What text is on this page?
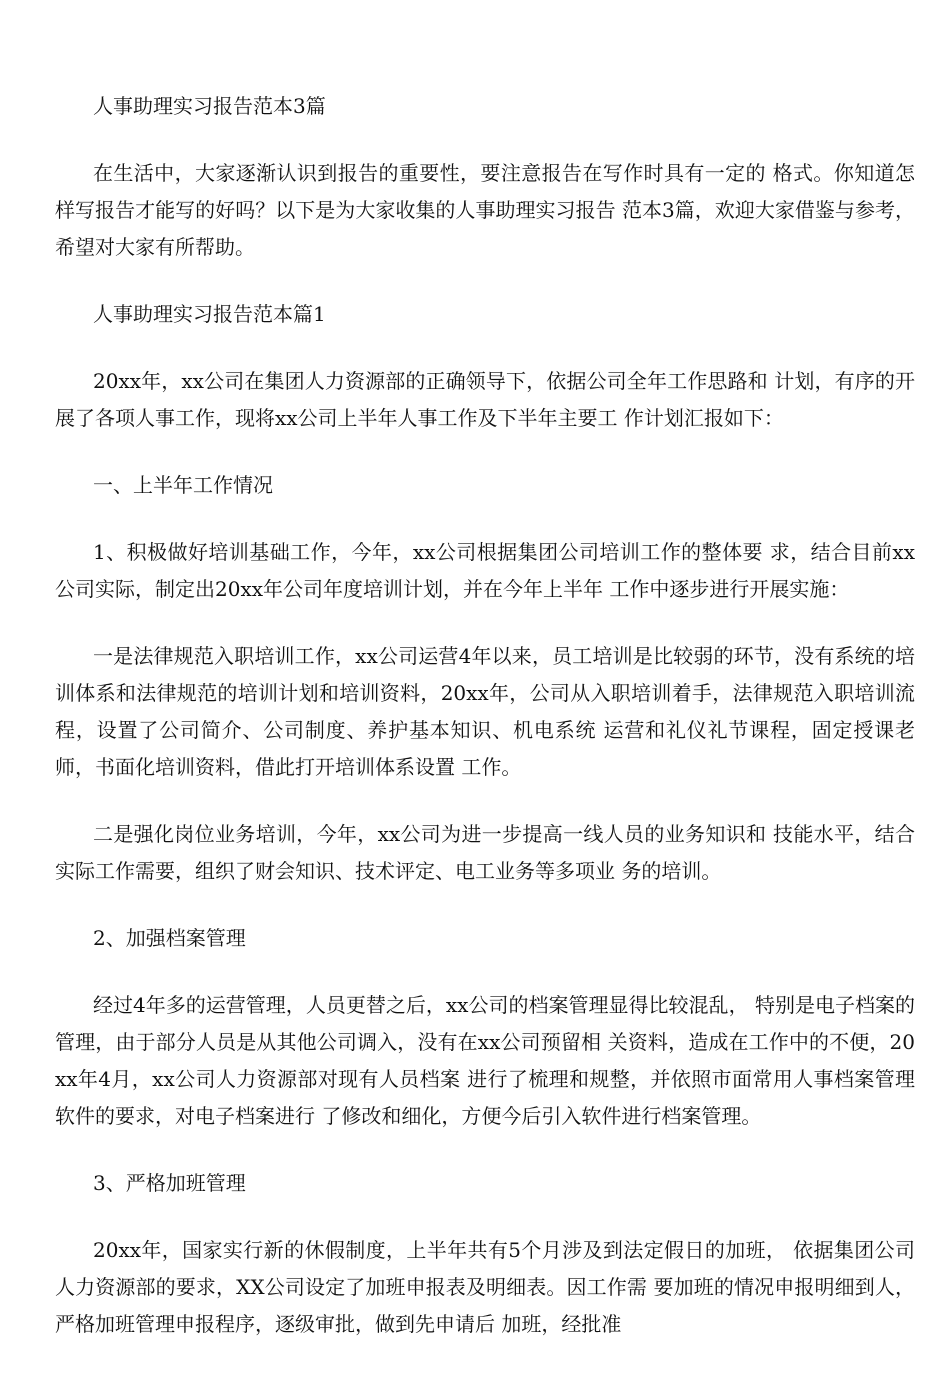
人事助理实习报告范本3篇

在生活中，大家逐渐认识到报告的重要性，要注意报告在写作时具有一定的 格式。你知道怎样写报告才能写的好吗？以下是为大家收集的人事助理实习报告 范本3篇，欢迎大家借鉴与参考，希望对大家有所帮助。

人事助理实习报告范本篇1

20xx年，xx公司在集团人力资源部的正确领导下，依据公司全年工作思路和 计划，有序的开展了各项人事工作，现将xx公司上半年人事工作及下半年主要工 作计划汇报如下：

一、上半年工作情况

1、积极做好培训基础工作，今年，xx公司根据集团公司培训工作的整体要 求，结合目前xx公司实际，制定出20xx年公司年度培训计划，并在今年上半年 工作中逐步进行开展实施：

一是法律规范入职培训工作，xx公司运营4年以来，员工培训是比较弱的环节，没有系统的培训体系和法律规范的培训计划和培训资料，20xx年，公司从入职培训着手，法律规范入职培训流程，设置了公司简介、公司制度、养护基本知识、机电系统 运营和礼仪礼节课程，固定授课老师，书面化培训资料，借此打开培训体系设置 工作。

二是强化岗位业务培训，今年，xx公司为进一步提高一线人员的业务知识和 技能水平，结合实际工作需要，组织了财会知识、技术评定、电工业务等多项业 务的培训。

2、加强档案管理

经过4年多的运营管理，人员更替之后，xx公司的档案管理显得比较混乱， 特别是电子档案的管理，由于部分人员是从其他公司调入，没有在xx公司预留相 关资料，造成在工作中的不便，20xx年4月，xx公司人力资源部对现有人员档案 进行了梳理和规整，并依照市面常用人事档案管理软件的要求，对电子档案进行 了修改和细化，方便今后引入软件进行档案管理。

3、严格加班管理

20xx年，国家实行新的休假制度，上半年共有5个月涉及到法定假日的加班， 依据集团公司人力资源部的要求，XX公司设定了加班申报表及明细表。因工作需 要加班的情况申报明细到人，严格加班管理申报程序，逐级审批，做到先申请后 加班，经批准
